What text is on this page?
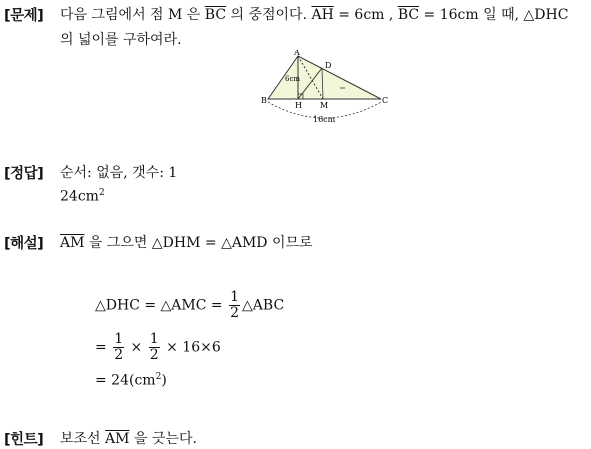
[문제] 다음 그림에서 점 M 은 $\overline{BC}$ 의 중점이다. $\overline{AH} = 6cm$ , $\overline{BC} = 16cm$ 일 때, △DHC
의 넓이를 구하여라.
A
B	C
D
H M
6cm
16cm
[정답] 순서: 없음, 갯수: 1
$24cm^2$
[해설] $\overline{AM}$ 을 그으면 △DHM = △AMD 이므로
△DHC = △AMC = $\frac{1}{2}$ △ABC
= $\frac{1}{2} \times \frac{1}{2} \times 16\times 6$
= $24(cm^2)$
[힌트] 보조선 $\overline{AM}$ 을 긋는다.
